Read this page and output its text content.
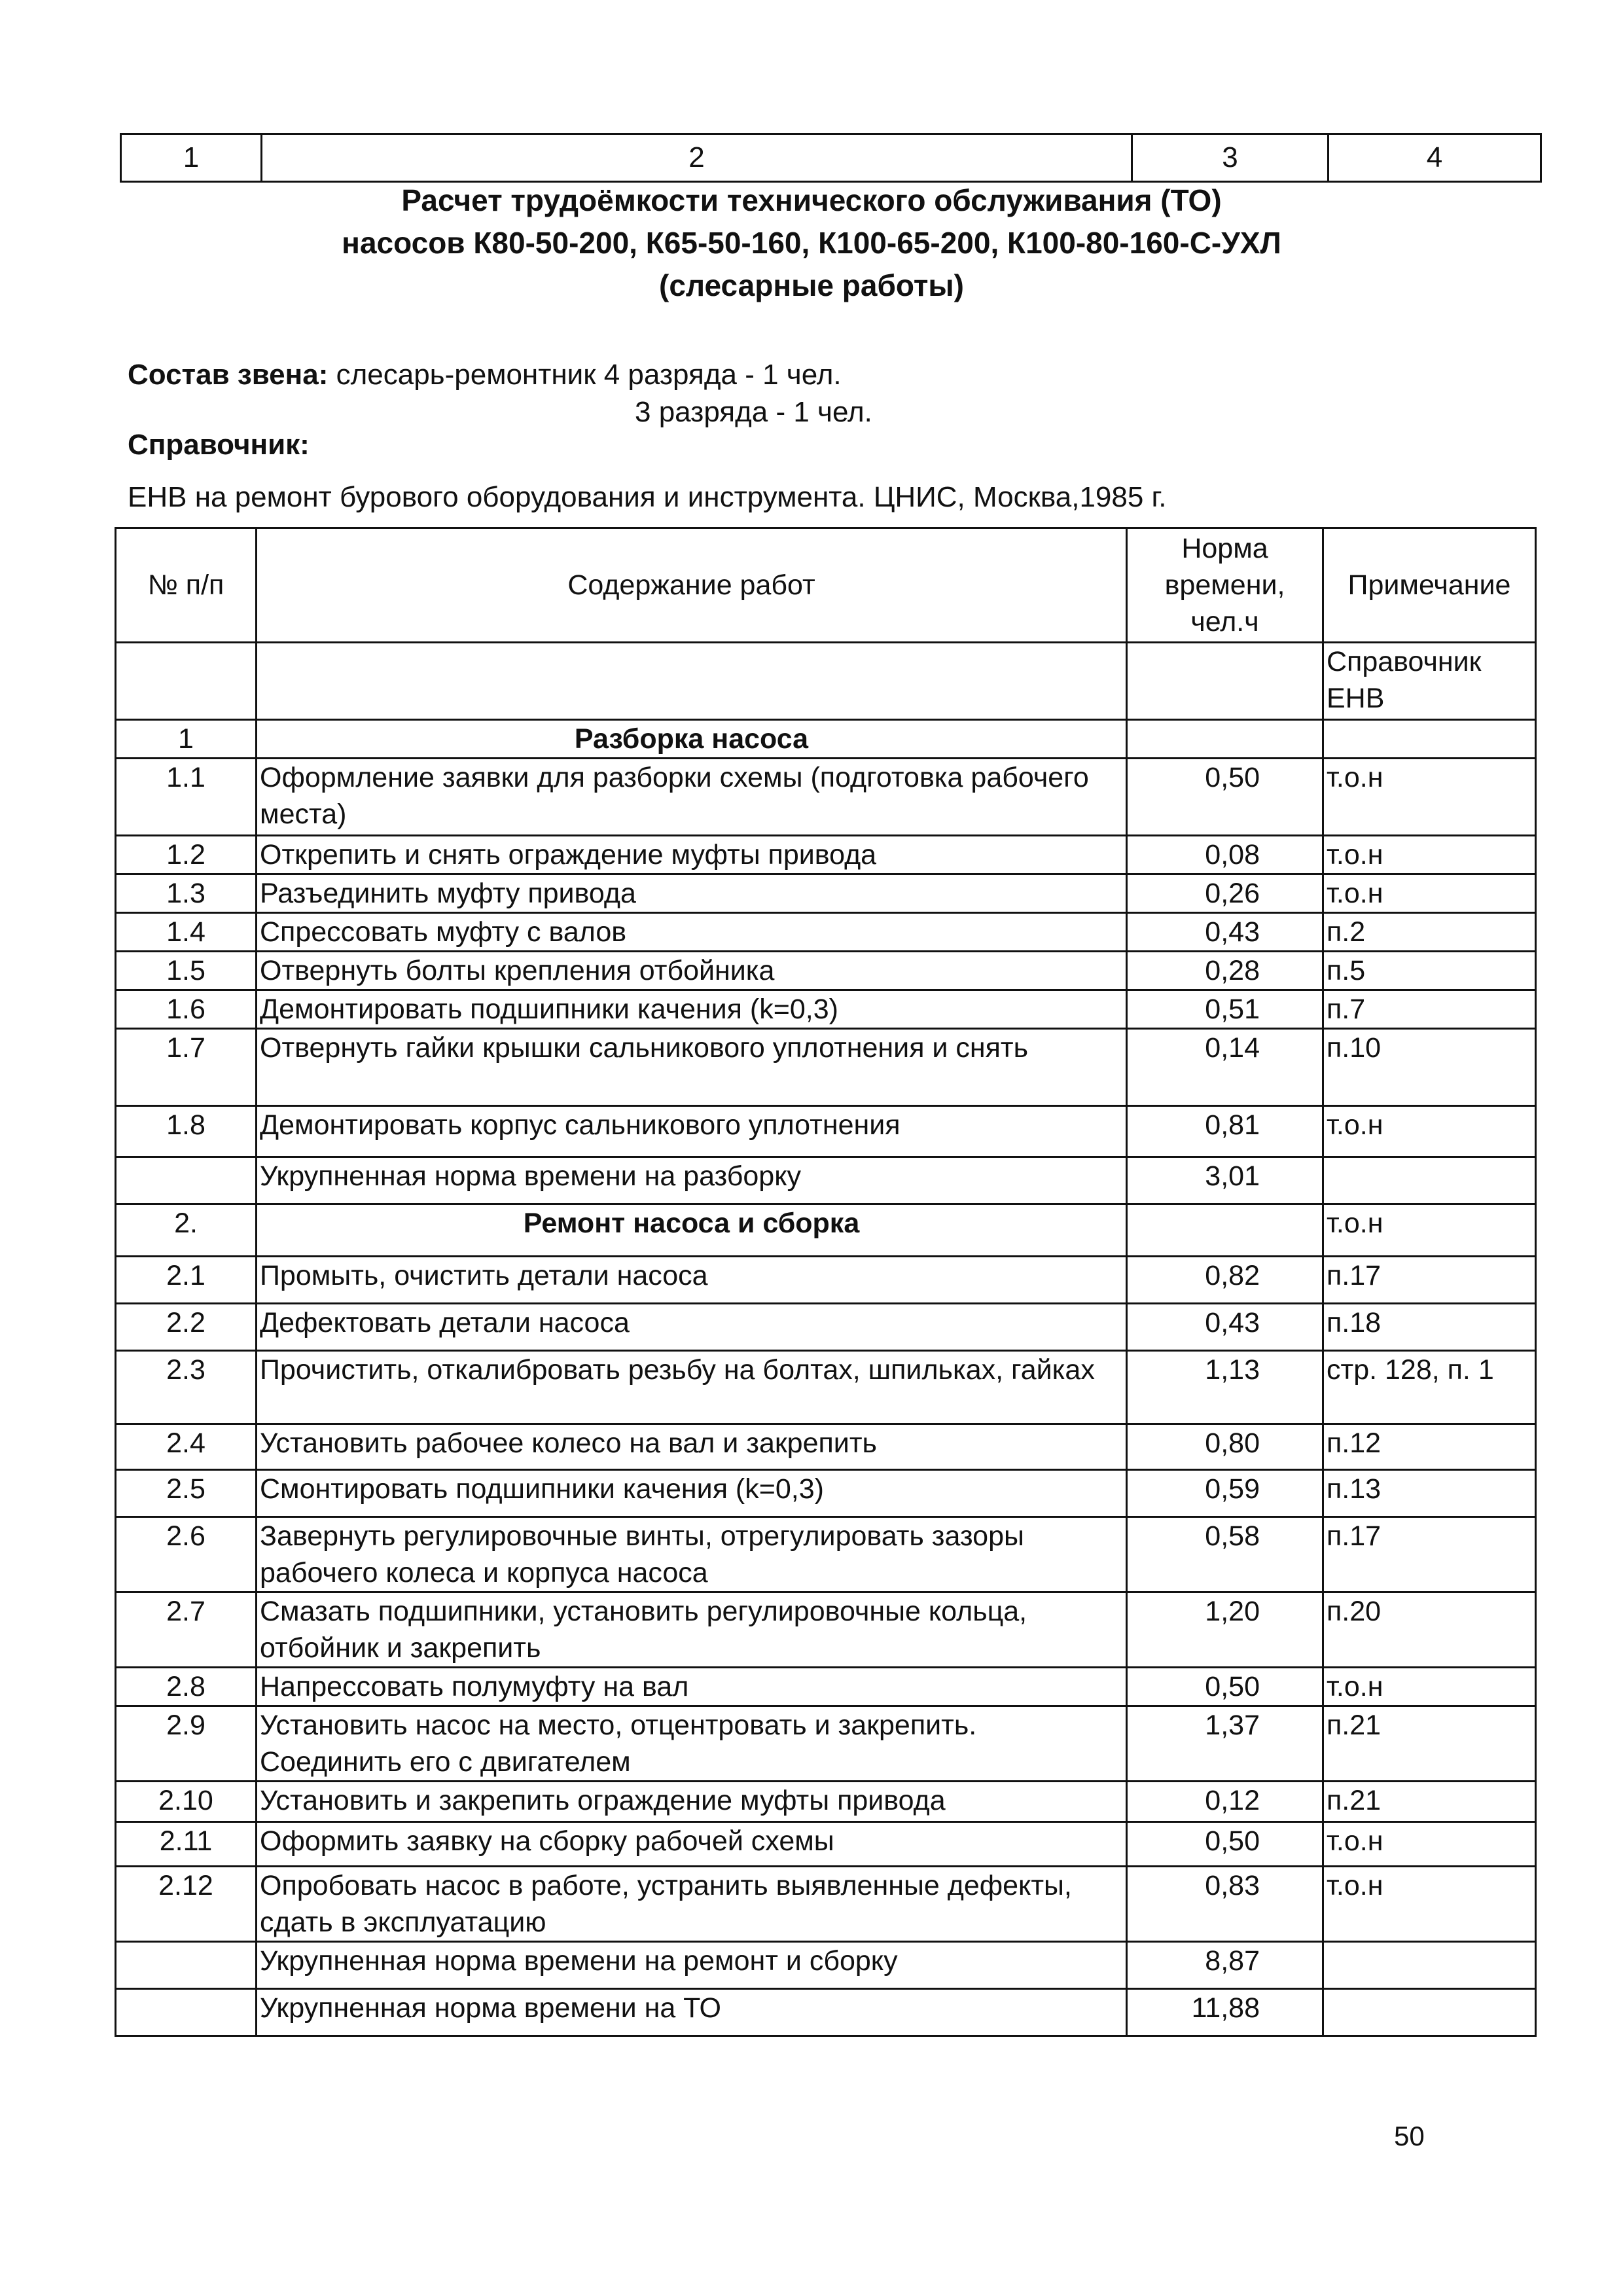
1	2	3	4
Расчет трудоёмкости технического обслуживания (ТО)
насосов К80-50-200, К65-50-160, К100-65-200, К100-80-160-С-УХЛ
(слесарные работы)
Состав звена: слесарь-ремонтник 4 разряда - 1 чел.
3 разряда - 1 чел.
Справочник:
ЕНВ на ремонт бурового оборудования и инструмента. ЦНИС, Москва,1985 г.
№ п/п	Содержание работ	Норма времени, чел.ч	Примечание
			Справочник ЕНВ
1	Разборка насоса		
1.1	Оформление заявки для разборки схемы (подготовка рабочего места)	0,50	т.о.н
1.2	Открепить и снять ограждение муфты привода	0,08	т.о.н
1.3	Разъединить муфту привода	0,26	т.о.н
1.4	Спрессовать муфту с валов	0,43	п.2
1.5	Отвернуть болты крепления отбойника	0,28	п.5
1.6	Демонтировать подшипники качения (k=0,3)	0,51	п.7
1.7	Отвернуть гайки крышки сальникового уплотнения и снять	0,14	п.10
1.8	Демонтировать корпус сальникового уплотнения	0,81	т.о.н
	Укрупненная норма времени на разборку	3,01	
2.	Ремонт насоса и сборка		т.о.н
2.1	Промыть, очистить детали насоса	0,82	п.17
2.2	Дефектовать детали насоса	0,43	п.18
2.3	Прочистить, откалибровать резьбу на болтах, шпильках, гайках	1,13	стр. 128, п. 1
2.4	Установить рабочее колесо на вал и закрепить	0,80	п.12
2.5	Смонтировать подшипники качения (k=0,3)	0,59	п.13
2.6	Завернуть регулировочные винты, отрегулировать зазоры рабочего колеса и корпуса насоса	0,58	п.17
2.7	Смазать подшипники, установить регулировочные кольца, отбойник и закрепить	1,20	п.20
2.8	Напрессовать полумуфту на вал	0,50	т.о.н
2.9	Установить насос на место, отцентровать и закрепить. Соединить его с двигателем	1,37	п.21
2.10	Установить и закрепить ограждение муфты привода	0,12	п.21
2.11	Оформить заявку на сборку рабочей схемы	0,50	т.о.н
2.12	Опробовать насос в работе, устранить выявленные дефекты, сдать в эксплуатацию	0,83	т.о.н
	Укрупненная норма времени на ремонт и сборку	8,87	
	Укрупненная норма времени на ТО	11,88	
50
